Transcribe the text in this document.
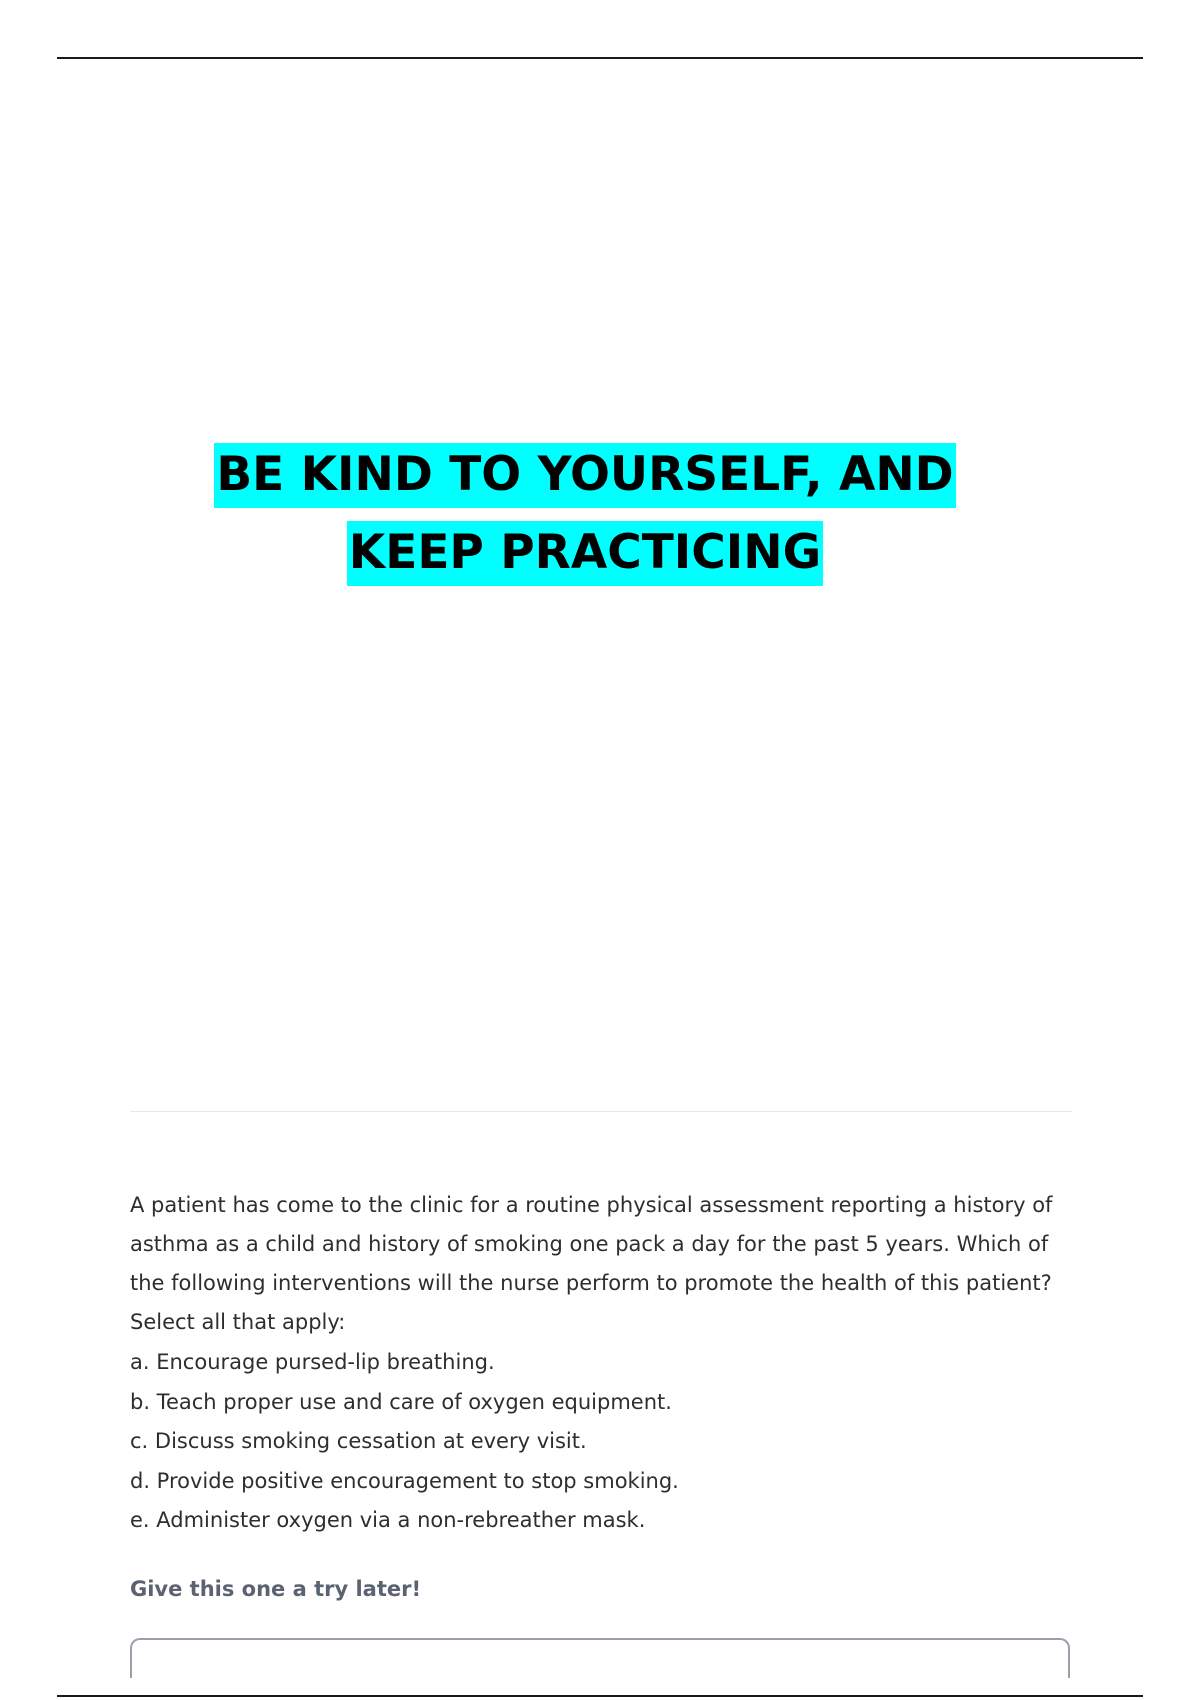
BE KIND TO YOURSELF, AND
KEEP PRACTICING

A patient has come to the clinic for a routine physical assessment reporting a history of asthma as a child and history of smoking one pack a day for the past 5 years. Which of the following interventions will the nurse perform to promote the health of this patient? Select all that apply:

a. Encourage pursed-lip breathing.
b. Teach proper use and care of oxygen equipment.
c. Discuss smoking cessation at every visit.
d. Provide positive encouragement to stop smoking.
e. Administer oxygen via a non-rebreather mask.

Give this one a try later!
